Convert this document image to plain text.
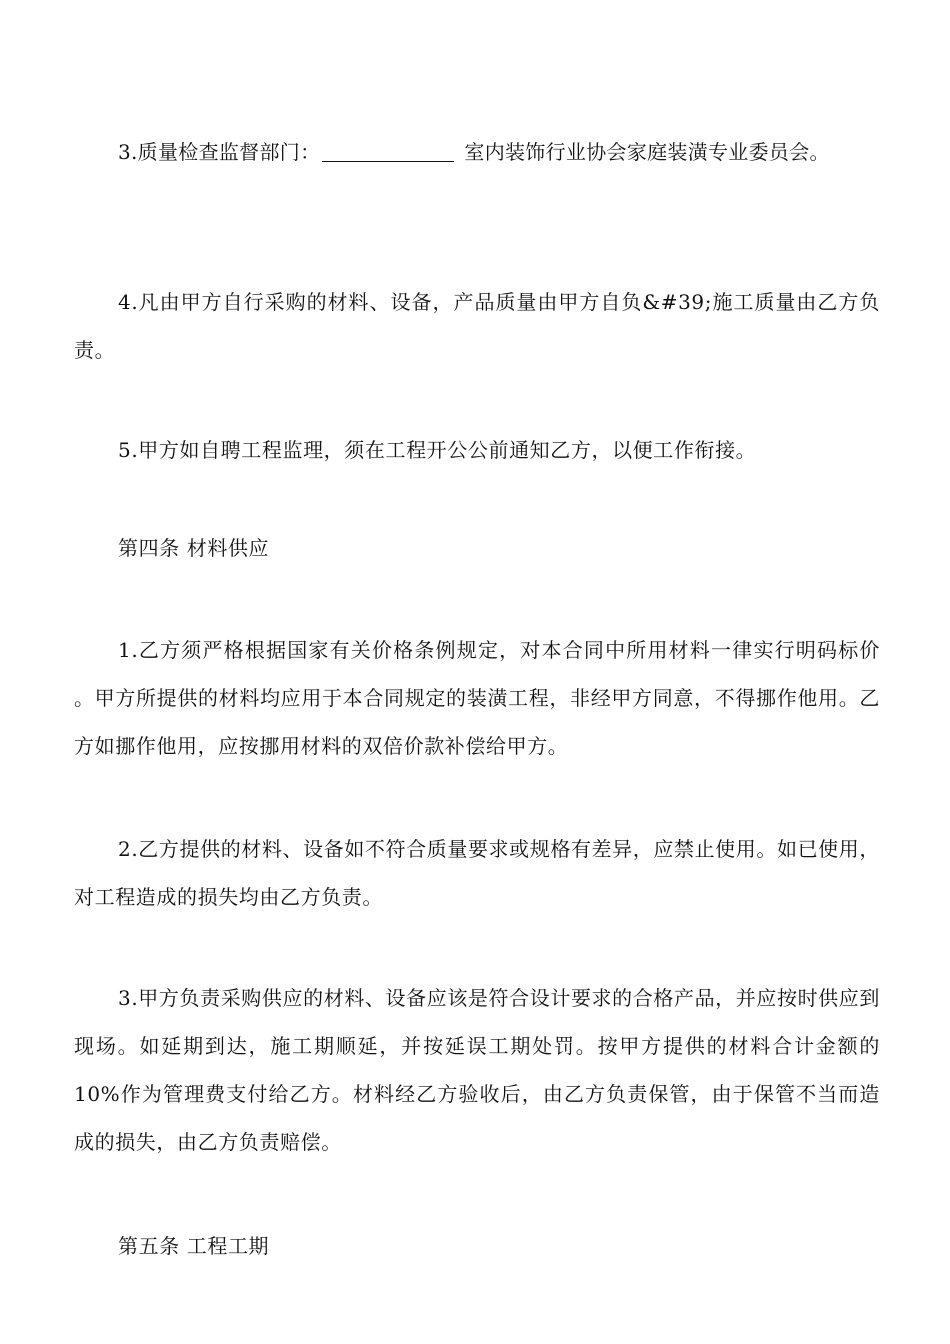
3.质量检查监督部门：	室内装饰行业协会家庭装潢专业委员会。

4.凡由甲方自行采购的材料、设备，产品质量由甲方自负&#39;施工质量由乙方负责。

5.甲方如自聘工程监理，须在工程开公公前通知乙方，以便工作衔接。

第四条 材料供应

1.乙方须严格根据国家有关价格条例规定，对本合同中所用材料一律实行明码标价 。甲方所提供的材料均应用于本合同规定的装潢工程，非经甲方同意，不得挪作他用。乙方如挪作他用，应按挪用材料的双倍价款补偿给甲方。

2.乙方提供的材料、设备如不符合质量要求或规格有差异，应禁止使用。如已使用，对工程造成的损失均由乙方负责。

3.甲方负责采购供应的材料、设备应该是符合设计要求的合格产品，并应按时供应到现场。如延期到达，施工期顺延，并按延误工期处罚。按甲方提供的材料合计金额的 10%作为管理费支付给乙方。材料经乙方验收后，由乙方负责保管，由于保管不当而造成的损失，由乙方负责赔偿。

第五条 工程工期
